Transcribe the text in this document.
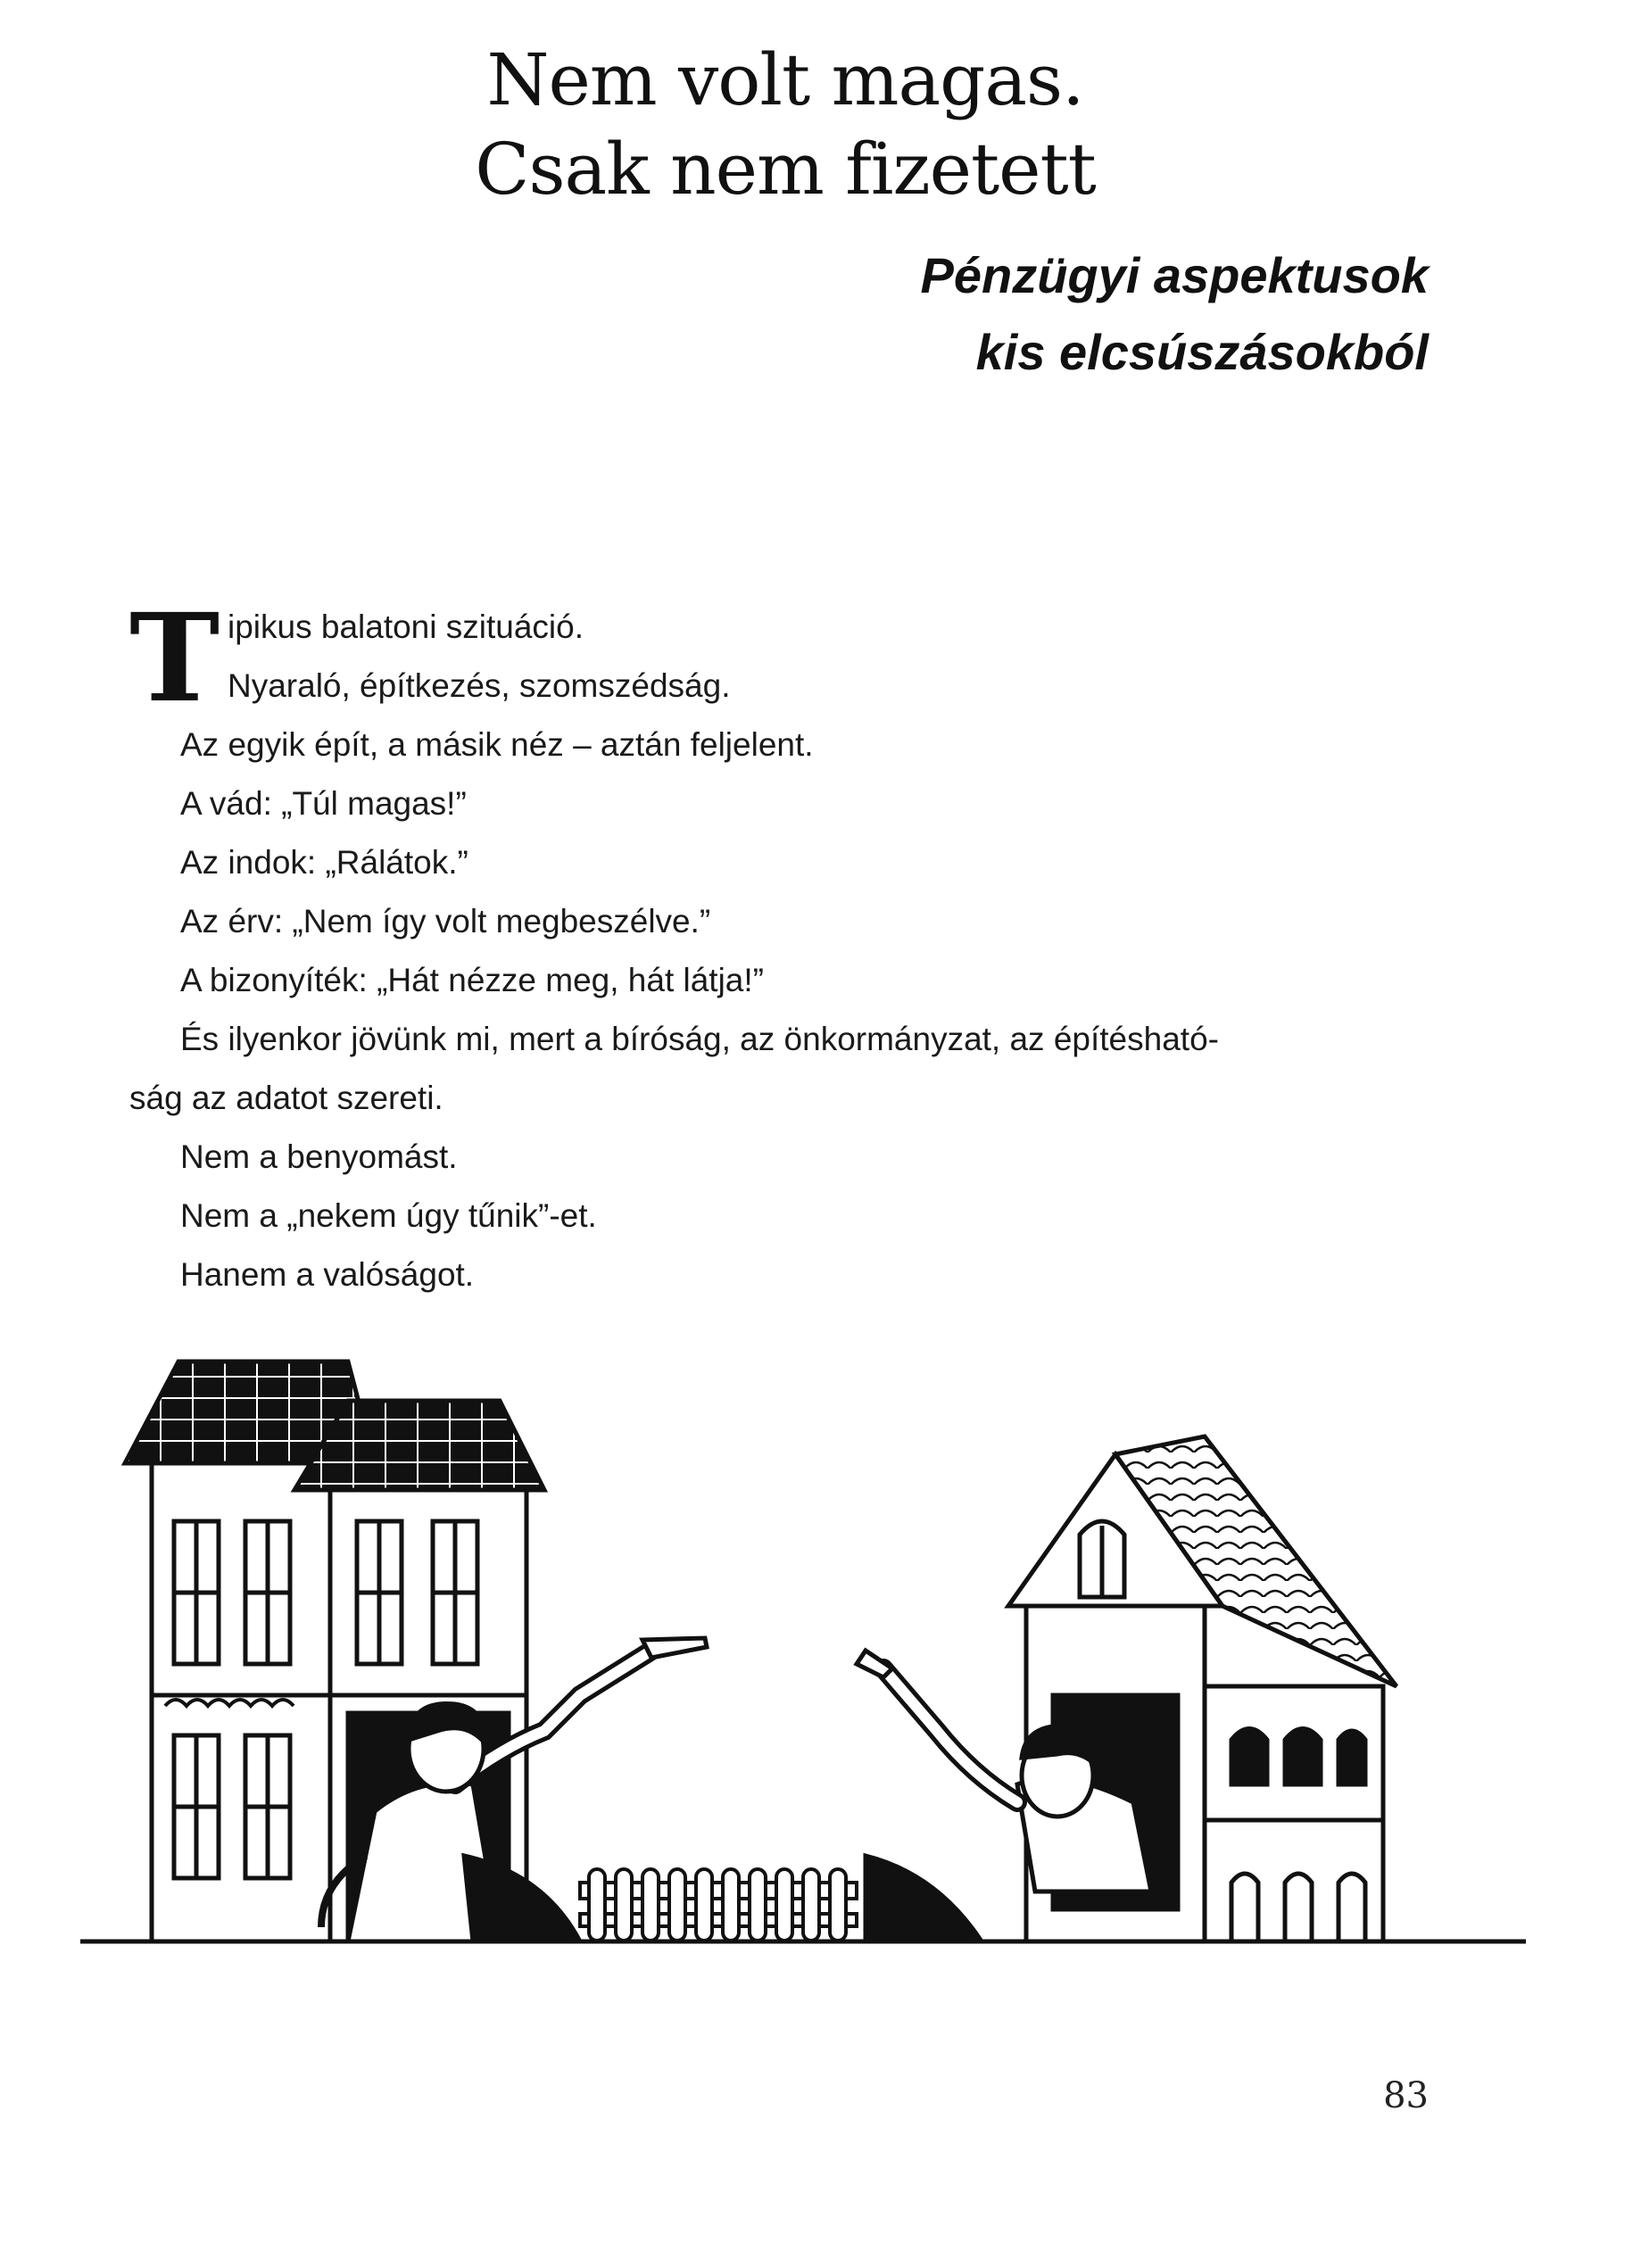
Nem volt magas.
Csak nem fizetett
Pénzügyi aspektusok
kis elcsúszásokból
T ipikus balatoni szituáció.
Nyaraló, építkezés, szomszédság.
Az egyik épít, a másik néz – aztán feljelent.
A vád: „Túl magas!”
Az indok: „Rálátok.”
Az érv: „Nem így volt megbeszélve.”
A bizonyíték: „Hát nézze meg, hát látja!”
És ilyenkor jövünk mi, mert a bíróság, az önkormányzat, az építésható-
ság az adatot szereti.
Nem a benyomást.
Nem a „nekem úgy tűnik”-et.
Hanem a valóságot.
83
